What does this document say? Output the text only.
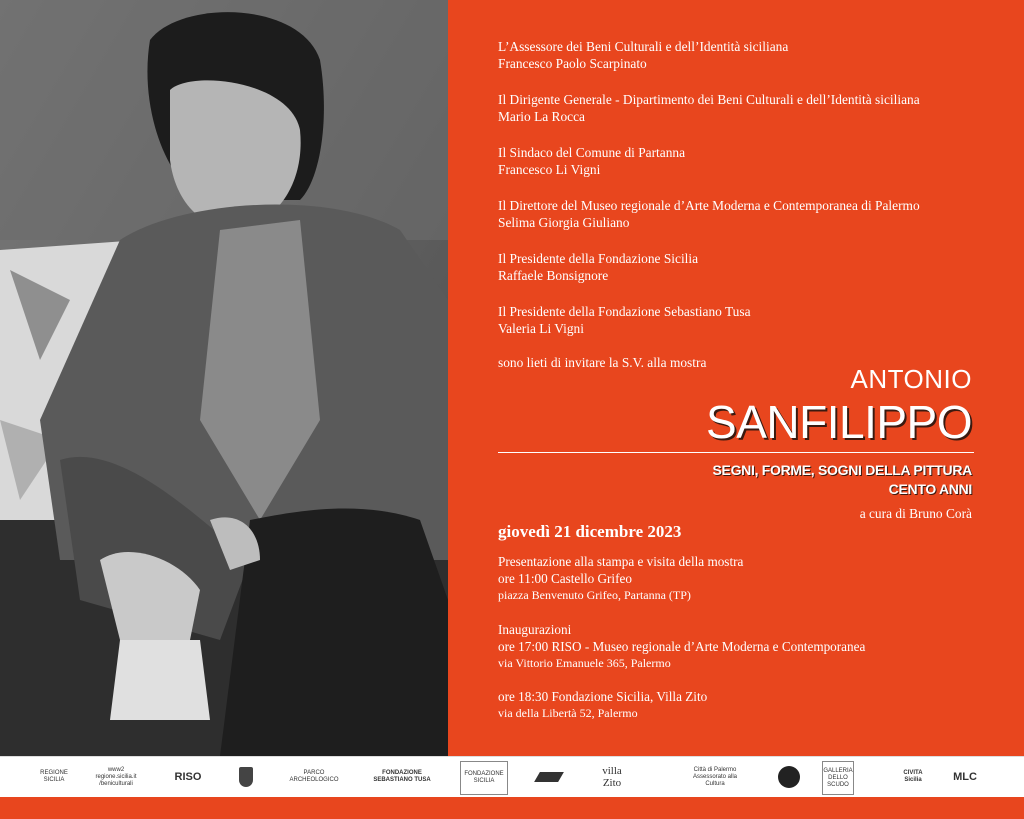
L’Assessore dei Beni Culturali e dell’Identità siciliana
Francesco Paolo Scarpinato
Il Dirigente Generale - Dipartimento dei Beni Culturali e dell’Identità siciliana
Mario La Rocca
Il Sindaco del Comune di Partanna
Francesco Li Vigni
Il Direttore del Museo regionale d’Arte Moderna e Contemporanea di Palermo
Selima Giorgia Giuliano
Il Presidente della Fondazione Sicilia
Raffaele Bonsignore
Il Presidente della Fondazione Sebastiano Tusa
Valeria Li Vigni
sono lieti di invitare la S.V. alla mostra
ANTONIO
SANFILIPPO
SEGNI, FORME, SOGNI DELLA PITTURA
CENTO ANNI
a cura di Bruno Corà
giovedì 21 dicembre 2023
Presentazione alla stampa e visita della mostra
ore 11:00 Castello Grifeo
piazza Benvenuto Grifeo, Partanna (TP)
Inaugurazioni
ore 17:00 RISO - Museo regionale d’Arte Moderna e Contemporanea
via Vittorio Emanuele 365, Palermo
ore 18:30 Fondazione Sicilia, Villa Zito
via della Libertà 52, Palermo
REGIONE SICILIA
www2 regione.sicilia.it /beniculturali
RISO	PARCO ARCHEOLOGICO
FONDAZIONE SEBASTIANO TUSA
FONDAZIONE SICILIA
villa Zito
Città di Palermo Assessorato alla Cultura
GALLERIA DELLO SCUDO
CIVITA Sicilia	MLC
